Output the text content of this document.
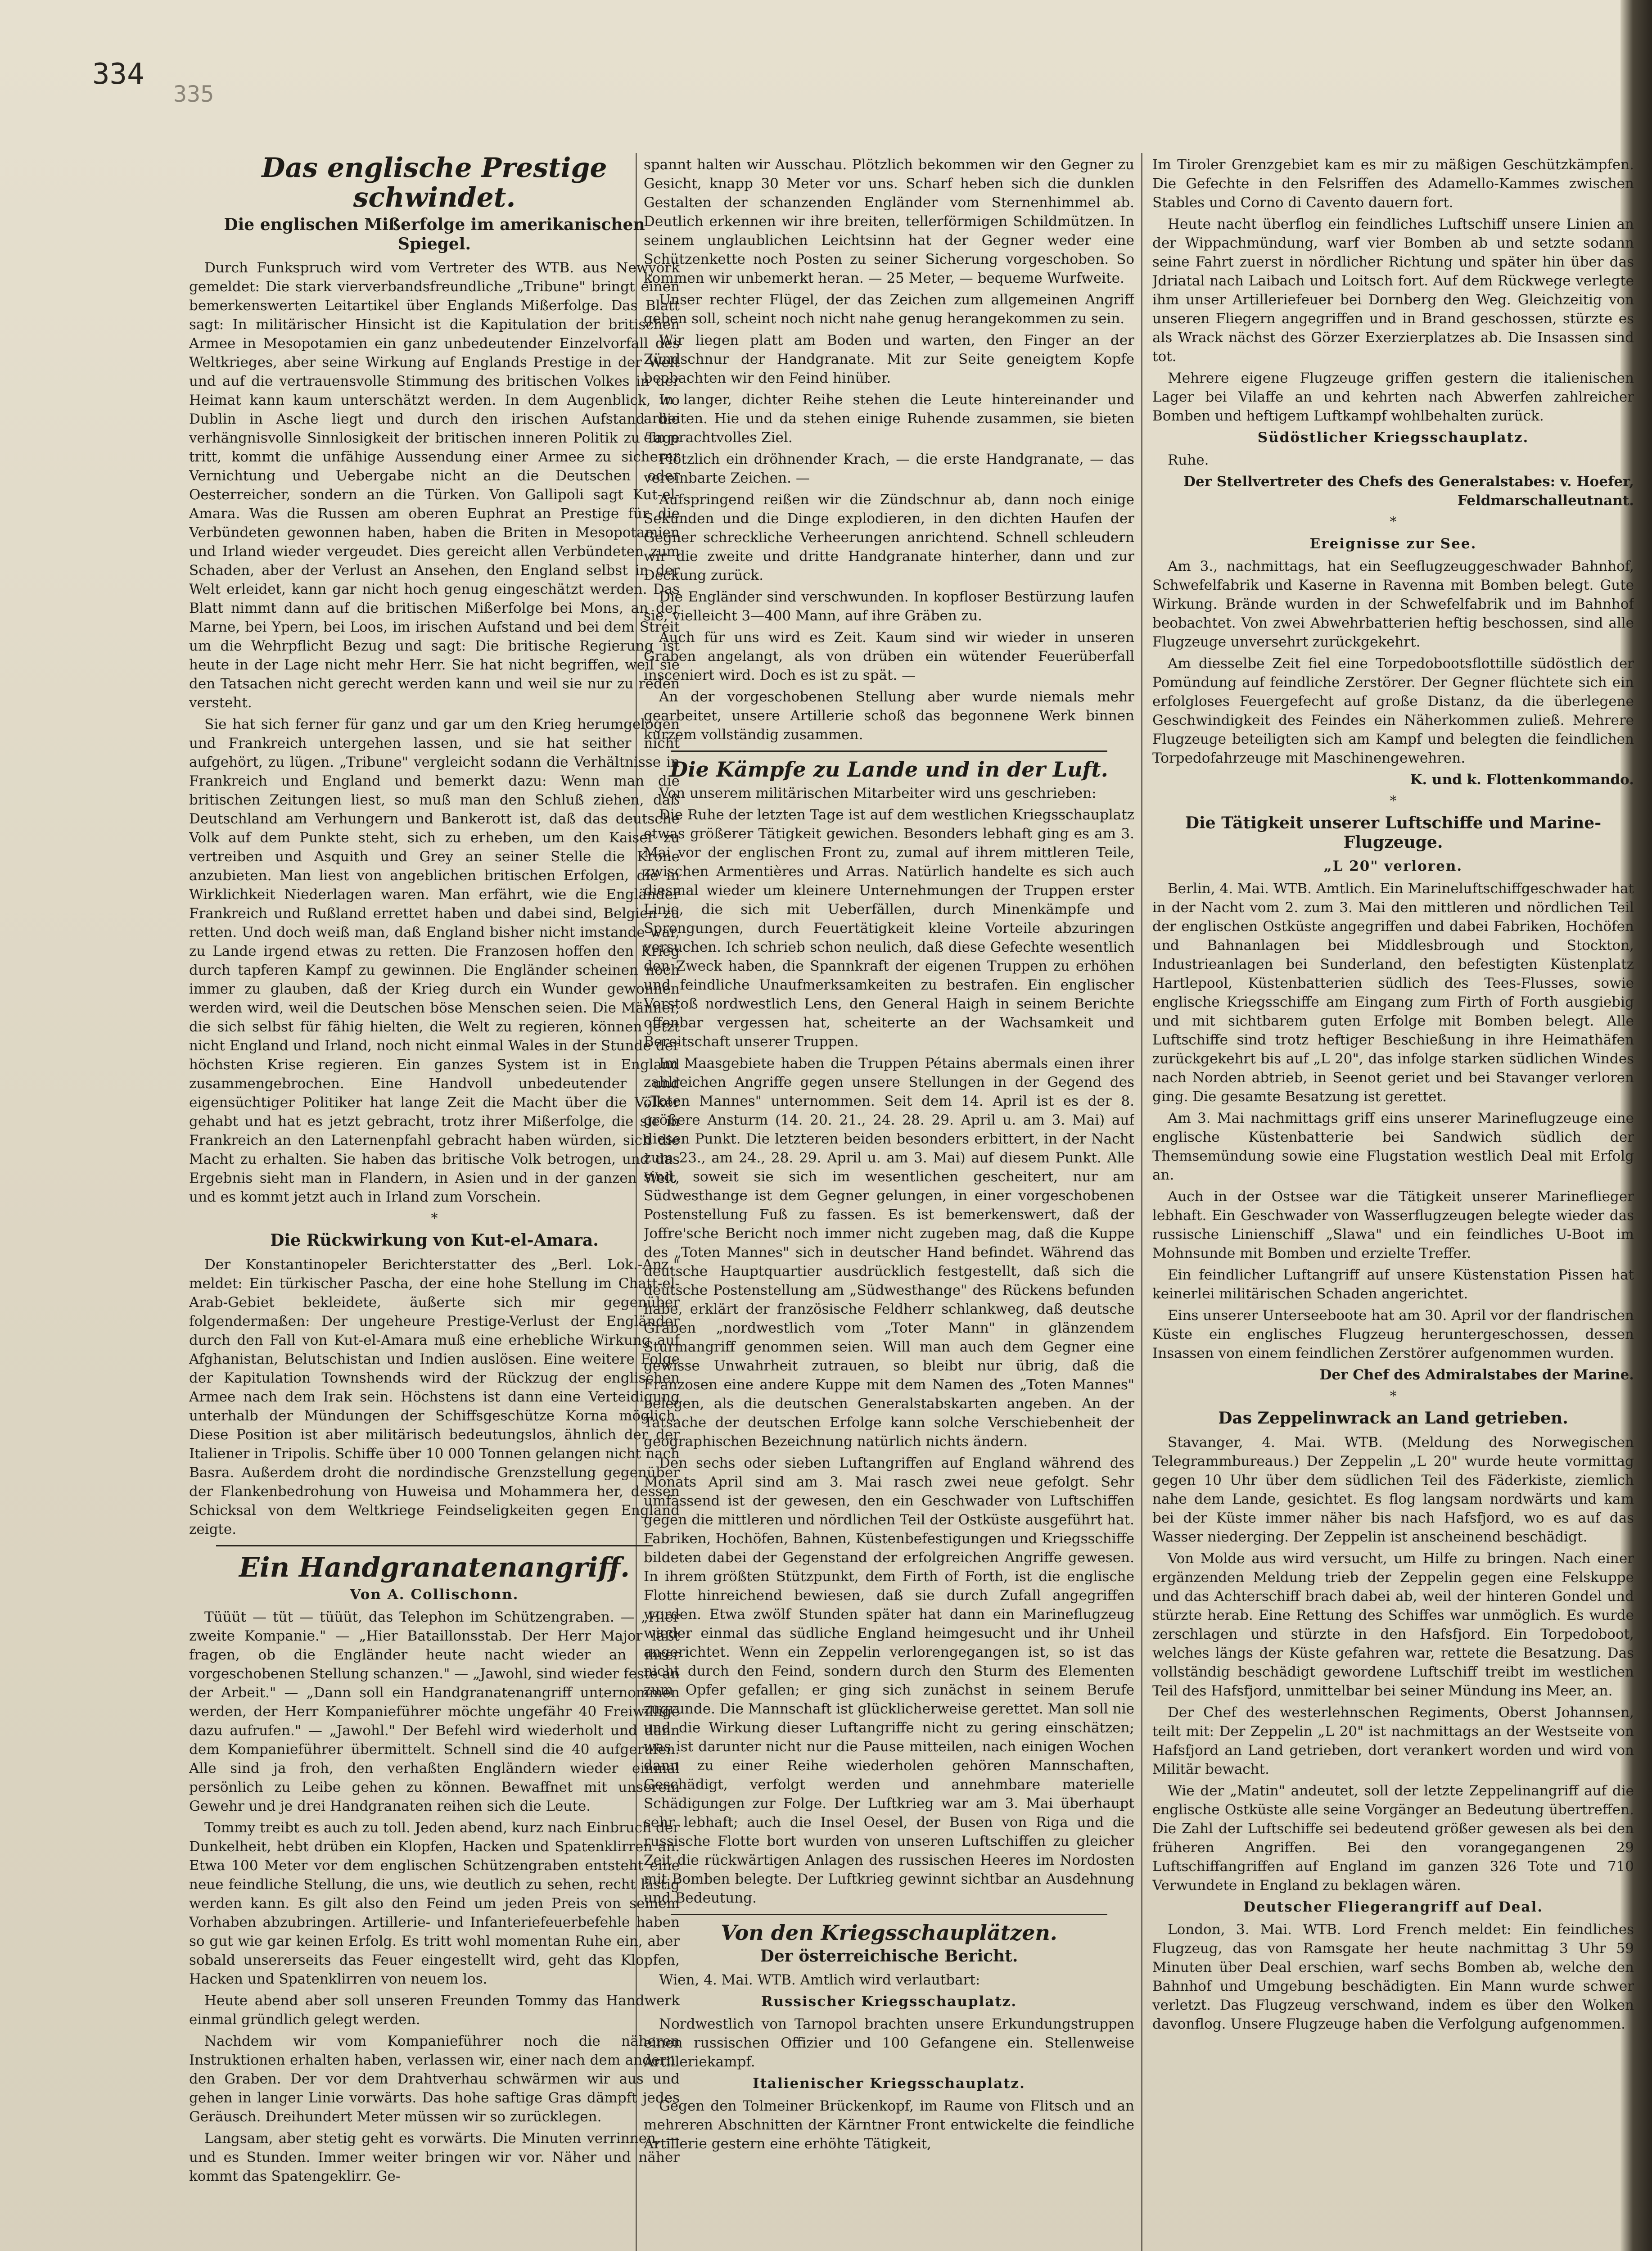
334
335
Das englische Prestige schwindet.
Die englischen Mißerfolge im amerikanischen Spiegel.

Durch Funkspruch wird vom Vertreter des WTB. aus Newyork gemeldet: Die stark vierverbandsfreundliche „Tribune" bringt einen bemerkenswerten Leitartikel über Englands Mißerfolge. Das Blatt sagt: In militärischer Hinsicht ist die Kapitulation der britischen Armee in Mesopotamien ein ganz unbedeutender Einzelvorfall des Weltkrieges, aber seine Wirkung auf Englands Prestige in der Welt und auf die vertrauensvolle Stimmung des britischen Volkes in der Heimat kann kaum unterschätzt werden. In dem Augenblick, wo Dublin in Asche liegt und durch den irischen Aufstand die verhängnisvolle Sinnlosigkeit der britischen inneren Politik zu Tage tritt, kommt die unfähige Aussendung einer Armee zu sicherer Vernichtung und Uebergabe nicht an die Deutschen oder Oesterreicher, sondern an die Türken. Von Gallipoli sagt Kut-el-Amara. Was die Russen am oberen Euphrat an Prestige für die Verbündeten gewonnen haben, haben die Briten in Mesopotamien und Irland wieder vergeudet. Dies gereicht allen Verbündeten zum Schaden, aber der Verlust an Ansehen, den England selbst in der Welt erleidet, kann gar nicht hoch genug eingeschätzt werden. Das Blatt nimmt dann auf die britischen Mißerfolge bei Mons, an der Marne, bei Ypern, bei Loos, im irischen Aufstand und bei dem Streit um die Wehrpflicht Bezug und sagt: Die britische Regierung ist heute in der Lage nicht mehr Herr. Sie hat nicht begriffen, weil sie den Tatsachen nicht gerecht werden kann und weil sie nur zu reden versteht.

Sie hat sich ferner für ganz und gar um den Krieg herumgelogen und Frankreich untergehen lassen, und sie hat seither nicht aufgehört, zu lügen. „Tribune" vergleicht sodann die Verhältnisse in Frankreich und England und bemerkt dazu: Wenn man die britischen Zeitungen liest, so muß man den Schluß ziehen, daß Deutschland am Verhungern und Bankerott ist, daß das deutsche Volk auf dem Punkte steht, sich zu erheben, um den Kaiser zu vertreiben und Asquith und Grey an seiner Stelle die Krone anzubieten. Man liest von angeblichen britischen Erfolgen, die in Wirklichkeit Niederlagen waren. Man erfährt, wie die Engländer Frankreich und Rußland errettet haben und dabei sind, Belgien zu retten. Und doch weiß man, daß England bisher nicht imstande war, zu Lande irgend etwas zu retten. Die Franzosen hoffen den Krieg durch tapferen Kampf zu gewinnen. Die Engländer scheinen noch immer zu glauben, daß der Krieg durch ein Wunder gewonnen werden wird, weil die Deutschen böse Menschen seien. Die Männer, die sich selbst für fähig hielten, die Welt zu regieren, können jetzt nicht England und Irland, noch nicht einmal Wales in der Stunde der höchsten Krise regieren. Ein ganzes System ist in England zusammengebrochen. Eine Handvoll unbedeutender und eigensüchtiger Politiker hat lange Zeit die Macht über die Völker gehabt und hat es jetzt gebracht, trotz ihrer Mißerfolge, die sie in Frankreich an den Laternenpfahl gebracht haben würden, sich die Macht zu erhalten. Sie haben das britische Volk betrogen, und das Ergebnis sieht man in Flandern, in Asien und in der ganzen Welt, und es kommt jetzt auch in Irland zum Vorschein.

*
Die Rückwirkung von Kut-el-Amara.

Der Konstantinopeler Berichterstatter des „Berl. Lok.-Anz." meldet: Ein türkischer Pascha, der eine hohe Stellung im Chatt-el-Arab-Gebiet bekleidete, äußerte sich mir gegenüber folgendermaßen: Der ungeheure Prestige-Verlust der Engländer durch den Fall von Kut-el-Amara muß eine erhebliche Wirkung auf Afghanistan, Belutschistan und Indien auslösen. Eine weitere Folge der Kapitulation Townshends wird der Rückzug der englischen Armee nach dem Irak sein. Höchstens ist dann eine Verteidigung unterhalb der Mündungen der Schiffsgeschütze Korna möglich. Diese Position ist aber militärisch bedeutungslos, ähnlich der der Italiener in Tripolis. Schiffe über 10 000 Tonnen gelangen nicht nach Basra. Außerdem droht die nordindische Grenzstellung gegenüber der Flankenbedrohung von Huweisa und Mohammera her, dessen Schicksal von dem Weltkriege Feindseligkeiten gegen England zeigte.

Ein Handgranatenangriff.
Von A. Collischonn.

Tüüüt — tüt — tüüüt, das Telephon im Schützengraben. — „Hier zweite Kompanie." — „Hier Bataillonsstab. Der Herr Major läßt fragen, ob die Engländer heute nacht wieder an ihrer vorgeschobenen Stellung schanzen." — „Jawohl, sind wieder feste an der Arbeit." — „Dann soll ein Handgranatenangriff unternommen werden, der Herr Kompanieführer möchte ungefähr 40 Freiwillige dazu aufrufen." — „Jawohl." Der Befehl wird wiederholt und dann dem Kompanieführer übermittelt. Schnell sind die 40 aufgerufen. Alle sind ja froh, den verhaßten Engländern wieder einmal persönlich zu Leibe gehen zu können. Bewaffnet mit unserem Gewehr und je drei Handgranaten reihen sich die Leute.

Tommy treibt es auch zu toll. Jeden abend, kurz nach Einbruch der Dunkelheit, hebt drüben ein Klopfen, Hacken und Spatenklirren an. Etwa 100 Meter vor dem englischen Schützengraben entsteht eine neue feindliche Stellung, die uns, wie deutlich zu sehen, recht lästig werden kann. Es gilt also den Feind um jeden Preis von seinem Vorhaben abzubringen. Artillerie- und Infanteriefeuerbefehle haben so gut wie gar keinen Erfolg. Es tritt wohl momentan Ruhe ein, aber sobald unsererseits das Feuer eingestellt wird, geht das Klopfen, Hacken und Spatenklirren von neuem los.

Heute abend aber soll unseren Freunden Tommy das Handwerk einmal gründlich gelegt werden.

Nachdem wir vom Kompanieführer noch die näheren Instruktionen erhalten haben, verlassen wir, einer nach dem andern, den Graben. Der vor dem Drahtverhau schwärmen wir aus und gehen in langer Linie vorwärts. Das hohe saftige Gras dämpft jedes Geräusch. Dreihundert Meter müssen wir so zurücklegen.

Langsam, aber stetig geht es vorwärts. Die Minuten verrinnen, — und es Stunden. Immer weiter bringen wir vor. Näher und näher kommt das Spatengeklirr. Ge-

spannt halten wir Ausschau. Plötzlich bekommen wir den Gegner zu Gesicht, knapp 30 Meter vor uns. Scharf heben sich die dunklen Gestalten der schanzenden Engländer vom Sternenhimmel ab. Deutlich erkennen wir ihre breiten, tellerförmigen Schildmützen. In seinem unglaublichen Leichtsinn hat der Gegner weder eine Schützenkette noch Posten zu seiner Sicherung vorgeschoben. So kommen wir unbemerkt heran. — 25 Meter, — bequeme Wurfweite.

Unser rechter Flügel, der das Zeichen zum allgemeinen Angriff geben soll, scheint noch nicht nahe genug herangekommen zu sein.

Wir liegen platt am Boden und warten, den Finger an der Zündschnur der Handgranate. Mit zur Seite geneigtem Kopfe beobachten wir den Feind hinüber.

In langer, dichter Reihe stehen die Leute hintereinander und arbeiten. Hie und da stehen einige Ruhende zusammen, sie bieten ein prachtvolles Ziel.

Plötzlich ein dröhnender Krach, — die erste Handgranate, — das vereinbarte Zeichen. —

Aufspringend reißen wir die Zündschnur ab, dann noch einige Sekunden und die Dinge explodieren, in den dichten Haufen der Gegner schreckliche Verheerungen anrichtend. Schnell schleudern wir die zweite und dritte Handgranate hinterher, dann und zur Deckung zurück.

Die Engländer sind verschwunden. In kopfloser Bestürzung laufen sie, vielleicht 3—400 Mann, auf ihre Gräben zu.

Auch für uns wird es Zeit. Kaum sind wir wieder in unseren Graben angelangt, als von drüben ein wütender Feuerüberfall insceniert wird. Doch es ist zu spät. —

An der vorgeschobenen Stellung aber wurde niemals mehr gearbeitet, unsere Artillerie schoß das begonnene Werk binnen kurzem vollständig zusammen.

Die Kämpfe zu Lande und in der Luft.

Von unserem militärischen Mitarbeiter wird uns geschrieben:

Die Ruhe der letzten Tage ist auf dem westlichen Kriegsschauplatz etwas größerer Tätigkeit gewichen. Besonders lebhaft ging es am 3. Mai vor der englischen Front zu, zumal auf ihrem mittleren Teile, zwischen Armentières und Arras. Natürlich handelte es sich auch diesmal wieder um kleinere Unternehmungen der Truppen erster Linie, die sich mit Ueberfällen, durch Minenkämpfe und Sprengungen, durch Feuertätigkeit kleine Vorteile abzuringen versuchen. Ich schrieb schon neulich, daß diese Gefechte wesentlich den Zweck haben, die Spannkraft der eigenen Truppen zu erhöhen und feindliche Unaufmerksamkeiten zu bestrafen. Ein englischer Vorstoß nordwestlich Lens, den General Haigh in seinem Berichte offenbar vergessen hat, scheiterte an der Wachsamkeit und Bereitschaft unserer Truppen.

Im Maasgebiete haben die Truppen Pétains abermals einen ihrer zahlreichen Angriffe gegen unsere Stellungen in der Gegend des „Toten Mannes" unternommen. Seit dem 14. April ist es der 8. größere Ansturm (14. 20. 21., 24. 28. 29. April u. am 3. Mai) auf diesen Punkt. Die letzteren beiden besonders erbittert, in der Nacht zum 23., am 24., 28. 29. April u. am 3. Mai) auf diesem Punkt. Alle sind, soweit sie sich im wesentlichen gescheitert, nur am Südwesthange ist dem Gegner gelungen, in einer vorgeschobenen Postenstellung Fuß zu fassen. Es ist bemerkenswert, daß der Joffre'sche Bericht noch immer nicht zugeben mag, daß die Kuppe des „Toten Mannes" sich in deutscher Hand befindet. Während das deutsche Hauptquartier ausdrücklich festgestellt, daß sich die deutsche Postenstellung am „Südwesthange" des Rückens befunden habe, erklärt der französische Feldherr schlankweg, daß deutsche Gräben „nordwestlich vom „Toter Mann" in glänzendem Sturmangriff genommen seien. Will man auch dem Gegner eine gewisse Unwahrheit zutrauen, so bleibt nur übrig, daß die Franzosen eine andere Kuppe mit dem Namen des „Toten Mannes" belegen, als die deutschen Generalstabskarten angeben. An der Tatsache der deutschen Erfolge kann solche Verschiebenheit der geographischen Bezeichnung natürlich nichts ändern.

Den sechs oder sieben Luftangriffen auf England während des Monats April sind am 3. Mai rasch zwei neue gefolgt. Sehr umfassend ist der gewesen, den ein Geschwader von Luftschiffen gegen die mittleren und nördlichen Teil der Ostküste ausgeführt hat. Fabriken, Hochöfen, Bahnen, Küstenbefestigungen und Kriegsschiffe bildeten dabei der Gegenstand der erfolgreichen Angriffe gewesen. In ihrem größten Stützpunkt, dem Firth of Forth, ist die englische Flotte hinreichend bewiesen, daß sie durch Zufall angegriffen worden. Etwa zwölf Stunden später hat dann ein Marineflugzeug wieder einmal das südliche England heimgesucht und ihr Unheil angerichtet. Wenn ein Zeppelin verlorengegangen ist, so ist das nicht durch den Feind, sondern durch den Sturm des Elementen zum Opfer gefallen; er ging sich zunächst in seinem Berufe zugrunde. Die Mannschaft ist glücklicherweise gerettet. Man soll nie und die Wirkung dieser Luftangriffe nicht zu gering einschätzen; was ist darunter nicht nur die Pause mitteilen, nach einigen Wochen dann zu einer Reihe wiederholen gehören Mannschaften, Geschädigt, verfolgt werden und annehmbare materielle Schädigungen zur Folge. Der Luftkrieg war am 3. Mai überhaupt sehr lebhaft; auch die Insel Oesel, der Busen von Riga und die russische Flotte bort wurden von unseren Luftschiffen zu gleicher Zeit die rückwärtigen Anlagen des russischen Heeres im Nordosten mit Bomben belegte. Der Luftkrieg gewinnt sichtbar an Ausdehnung und Bedeutung.

Von den Kriegsschauplätzen.
Der österreichische Bericht.

Wien, 4. Mai. WTB. Amtlich wird verlautbart:

Russischer Kriegsschauplatz.

Nordwestlich von Tarnopol brachten unsere Erkundungstruppen einen russischen Offizier und 100 Gefangene ein. Stellenweise Artilleriekampf.

Italienischer Kriegsschauplatz.

Gegen den Tolmeiner Brückenkopf, im Raume von Flitsch und an mehreren Abschnitten der Kärntner Front entwickelte die feindliche Artillerie gestern eine erhöhte Tätigkeit,

Im Tiroler Grenzgebiet kam es mir zu mäßigen Geschützkämpfen. Die Gefechte in den Felsriffen des Adamello-Kammes zwischen Stables und Corno di Cavento dauern fort.

Heute nacht überflog ein feindliches Luftschiff unsere Linien an der Wippachmündung, warf vier Bomben ab und setzte sodann seine Fahrt zuerst in nördlicher Richtung und später hin über das Jdriatal nach Laibach und Loitsch fort. Auf dem Rückwege verlegte ihm unser Artilleriefeuer bei Dornberg den Weg. Gleichzeitig von unseren Fliegern angegriffen und in Brand geschossen, stürzte es als Wrack nächst des Görzer Exerzierplatzes ab. Die Insassen sind tot.

Mehrere eigene Flugzeuge griffen gestern die italienischen Lager bei Vilaffe an und kehrten nach Abwerfen zahlreicher Bomben und heftigem Luftkampf wohlbehalten zurück.

Südöstlicher Kriegsschauplatz.

Ruhe.

Der Stellvertreter des Chefs des Generalstabes: v. Hoefer, Feldmarschalleutnant.
*
Ereignisse zur See.

Am 3., nachmittags, hat ein Seeflugzeuggeschwader Bahnhof, Schwefelfabrik und Kaserne in Ravenna mit Bomben belegt. Gute Wirkung. Brände wurden in der Schwefelfabrik und im Bahnhof beobachtet. Von zwei Abwehrbatterien heftig beschossen, sind alle Flugzeuge unversehrt zurückgekehrt.

Am diesselbe Zeit fiel eine Torpedobootsflottille südöstlich der Pomündung auf feindliche Zerstörer. Der Gegner flüchtete sich ein erfolgloses Feuergefecht auf große Distanz, da die überlegene Geschwindigkeit des Feindes ein Näherkommen zuließ. Mehrere Flugzeuge beteiligten sich am Kampf und belegten die feindlichen Torpedofahrzeuge mit Maschinengewehren.

K. und k. Flottenkommando.
*
Die Tätigkeit unserer Luftschiffe und Marine-Flugzeuge.
„L 20" verloren.

Berlin, 4. Mai. WTB. Amtlich. Ein Marineluftschiffgeschwader hat in der Nacht vom 2. zum 3. Mai den mittleren und nördlichen Teil der englischen Ostküste angegriffen und dabei Fabriken, Hochöfen und Bahnanlagen bei Middlesbrough und Stockton, Industrieanlagen bei Sunderland, den befestigten Küstenplatz Hartlepool, Küstenbatterien südlich des Tees-Flusses, sowie englische Kriegsschiffe am Eingang zum Firth of Forth ausgiebig und mit sichtbarem guten Erfolge mit Bomben belegt. Alle Luftschiffe sind trotz heftiger Beschießung in ihre Heimathäfen zurückgekehrt bis auf „L 20", das infolge starken südlichen Windes nach Norden abtrieb, in Seenot geriet und bei Stavanger verloren ging. Die gesamte Besatzung ist gerettet.

Am 3. Mai nachmittags griff eins unserer Marineflugzeuge eine englische Küstenbatterie bei Sandwich südlich der Themsemündung sowie eine Flugstation westlich Deal mit Erfolg an.

Auch in der Ostsee war die Tätigkeit unserer Marineflieger lebhaft. Ein Geschwader von Wasserflugzeugen belegte wieder das russische Linienschiff „Slawa" und ein feindliches U-Boot im Mohnsunde mit Bomben und erzielte Treffer.

Ein feindlicher Luftangriff auf unsere Küstenstation Pissen hat keinerlei militärischen Schaden angerichtet.

Eins unserer Unterseeboote hat am 30. April vor der flandrischen Küste ein englisches Flugzeug heruntergeschossen, dessen Insassen von einem feindlichen Zerstörer aufgenommen wurden.

Der Chef des Admiralstabes der Marine.
*
Das Zeppelinwrack an Land getrieben.

Stavanger, 4. Mai. WTB. (Meldung des Norwegischen Telegrammbureaus.) Der Zeppelin „L 20" wurde heute vormittag gegen 10 Uhr über dem südlichen Teil des Fäderkiste, ziemlich nahe dem Lande, gesichtet. Es flog langsam nordwärts und kam bei der Küste immer näher bis nach Hafsfjord, wo es auf das Wasser niederging. Der Zeppelin ist anscheinend beschädigt.

Von Molde aus wird versucht, um Hilfe zu bringen. Nach einer ergänzenden Meldung trieb der Zeppelin gegen eine Felskuppe und das Achterschiff brach dabei ab, weil der hinteren Gondel und stürzte herab. Eine Rettung des Schiffes war unmöglich. Es wurde zerschlagen und stürzte in den Hafsfjord. Ein Torpedoboot, welches längs der Küste gefahren war, rettete die Besatzung. Das vollständig beschädigt gewordene Luftschiff treibt im westlichen Teil des Hafsfjord, unmittelbar bei seiner Mündung ins Meer, an.

Der Chef des westerlehnschen Regiments, Oberst Johannsen, teilt mit: Der Zeppelin „L 20" ist nachmittags an der Westseite von Hafsfjord an Land getrieben, dort verankert worden und wird von Militär bewacht.

Wie der „Matin" andeutet, soll der letzte Zeppelinangriff auf die englische Ostküste alle seine Vorgänger an Bedeutung übertreffen. Die Zahl der Luftschiffe sei bedeutend größer gewesen als bei den früheren Angriffen. Bei den vorangegangenen 29 Luftschiffangriffen auf England im ganzen 326 Tote und 710 Verwundete in England zu beklagen wären.

Deutscher Fliegerangriff auf Deal.

London, 3. Mai. WTB. Lord French meldet: Ein feindliches Flugzeug, das von Ramsgate her heute nachmittag 3 Uhr 59 Minuten über Deal erschien, warf sechs Bomben ab, welche den Bahnhof und Umgebung beschädigten. Ein Mann wurde schwer verletzt. Das Flugzeug verschwand, indem es über den Wolken davonflog. Unsere Flugzeuge haben die Verfolgung aufgenommen.
